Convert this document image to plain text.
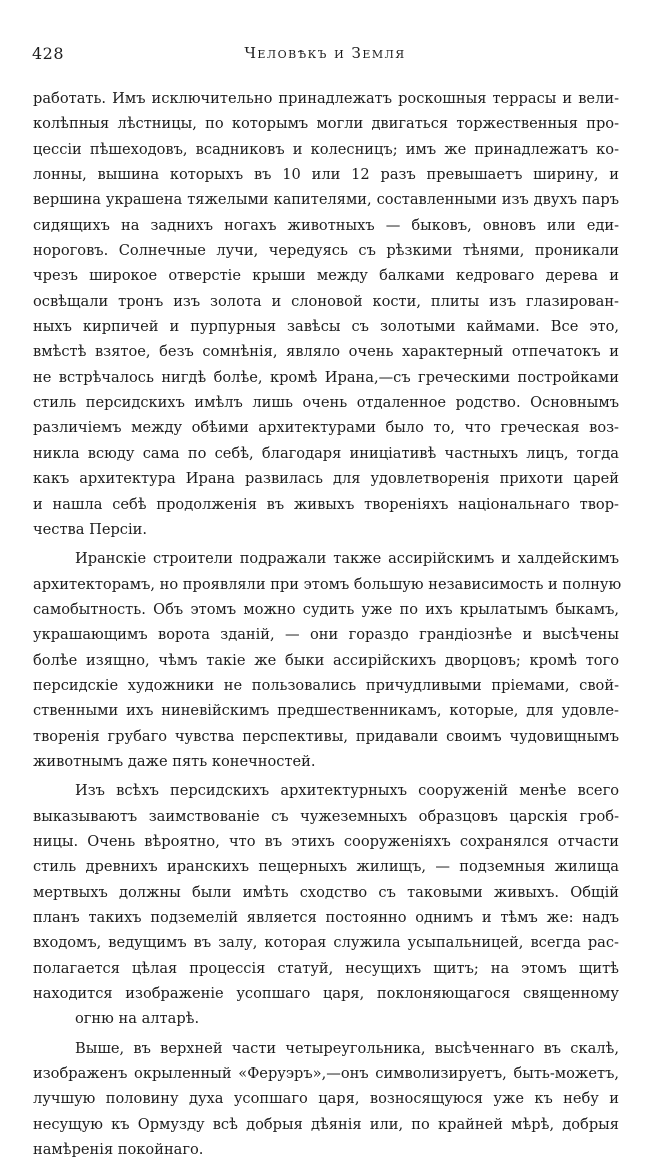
428	Человѣкъ и Земля

работать. Имъ исключительно принадлежатъ роскошныя террасы и вели-
колѣпныя лѣстницы, по которымъ могли двигаться торжественныя про-
цессіи пѣшеходовъ, всадниковъ и колесницъ; имъ же принадлежатъ ко-
лонны, вышина которыхъ въ 10 или 12 разъ превышаетъ ширину, и
вершина украшена тяжелыми капителями, составленными изъ двухъ паръ
сидящихъ на заднихъ ногахъ животныхъ — быковъ, овновъ или еди-
нороговъ. Солнечные лучи, чередуясь съ рѣзкими тѣнями, проникали
чрезъ широкое отверстіе крыши между балками кедроваго дерева и
освѣщали тронъ изъ золота и слоновой кости, плиты изъ глазирован-
ныхъ кирпичей и пурпурныя завѣсы съ золотыми каймами. Все это,
вмѣстѣ взятое, безъ сомнѣнія, являло очень характерный отпечатокъ и
не встрѣчалось нигдѣ болѣе, кромѣ Ирана,—съ греческими постройками
стиль персидскихъ имѣлъ лишь очень отдаленное родство. Основнымъ
различіемъ между обѣими архитектурами было то, что греческая воз-
никла всюду сама по себѣ, благодаря иниціативѣ частныхъ лицъ, тогда
какъ архитектура Ирана развилась для удовлетворенія прихоти царей
и нашла себѣ продолженія въ живыхъ твореніяхъ національнаго твор-
чества Персіи.

Иранскіе строители подражали также ассирійскимъ и халдейскимъ
архитекторамъ, но проявляли при этомъ большую независимость и полную
самобытность. Объ этомъ можно судить уже по ихъ крылатымъ быкамъ,
украшающимъ ворота зданій, — они гораздо грандіознѣе и высѣчены
болѣе изящно, чѣмъ такіе же быки ассирійскихъ дворцовъ; кромѣ того
персидскіе художники не пользовались причудливыми пріемами, свой-
ственными ихъ ниневійскимъ предшественникамъ, которые, для удовле-
творенія грубаго чувства перспективы, придавали своимъ чудовищнымъ
животнымъ даже пять конечностей.

Изъ всѣхъ персидскихъ архитектурныхъ сооруженій менѣе всего
выказываютъ заимствованіе съ чужеземныхъ образцовъ царскія гроб-
ницы. Очень вѣроятно, что въ этихъ сооруженіяхъ сохранялся отчасти
стиль древнихъ иранскихъ пещерныхъ жилищъ, — подземныя жилища
мертвыхъ должны были имѣть сходство съ таковыми живыхъ. Общій
планъ такихъ подземелій является постоянно однимъ и тѣмъ же: надъ
входомъ, ведущимъ въ залу, которая служила усыпальницей, всегда рас-
полагается цѣлая процессія статуй, несущихъ щитъ; на этомъ щитѣ
находится изображеніе усопшаго царя, поклоняющагося священному
огню на алтарѣ.

Выше, въ верхней части четыреугольника, высѣченнаго въ скалѣ,
изображенъ окрыленный «Феруэръ»,—онъ символизируетъ, быть-можетъ,
лучшую половину духа усопшаго царя, возносящуюся уже къ небу и
несущую къ Ормузду всѣ добрыя дѣянія или, по крайней мѣрѣ, добрыя
намѣренія покойнаго.
